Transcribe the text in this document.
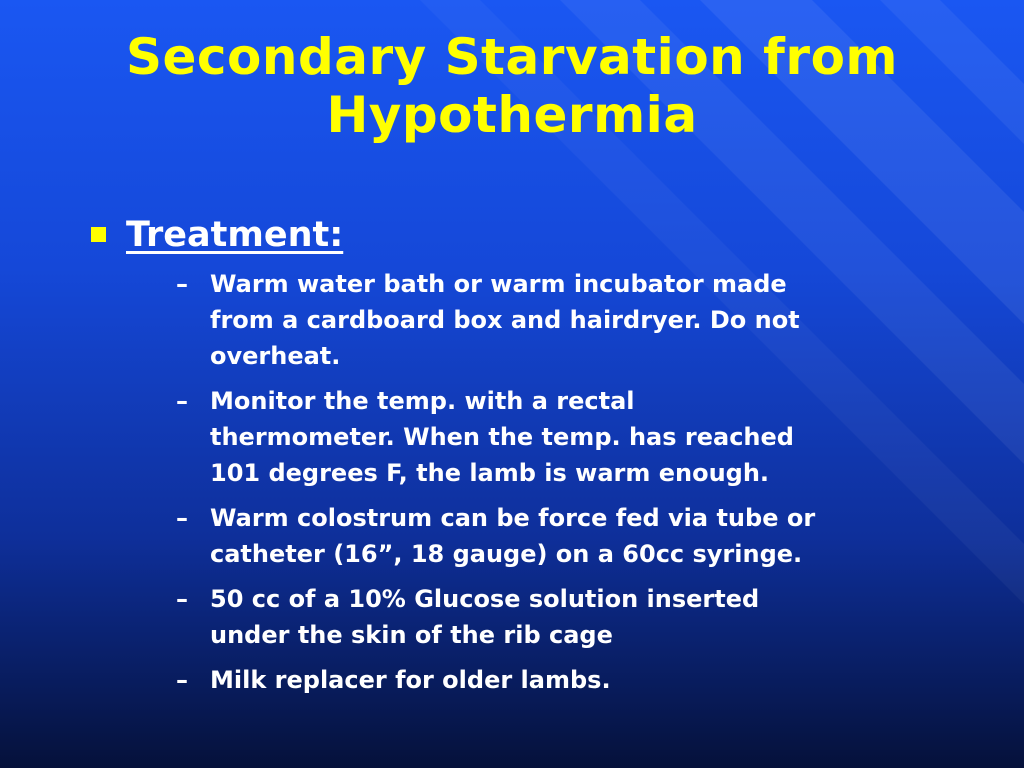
Secondary Starvation from
Hypothermia
Treatment:
– Warm water bath or warm incubator made
from a cardboard box and hairdryer. Do not
overheat.
– Monitor the temp. with a rectal
thermometer. When the temp. has reached
101 degrees F, the lamb is warm enough.
– Warm colostrum can be force fed via tube or
catheter (16”, 18 gauge) on a 60cc syringe.
– 50 cc of a 10% Glucose solution inserted
under the skin of the rib cage
– Milk replacer for older lambs.
